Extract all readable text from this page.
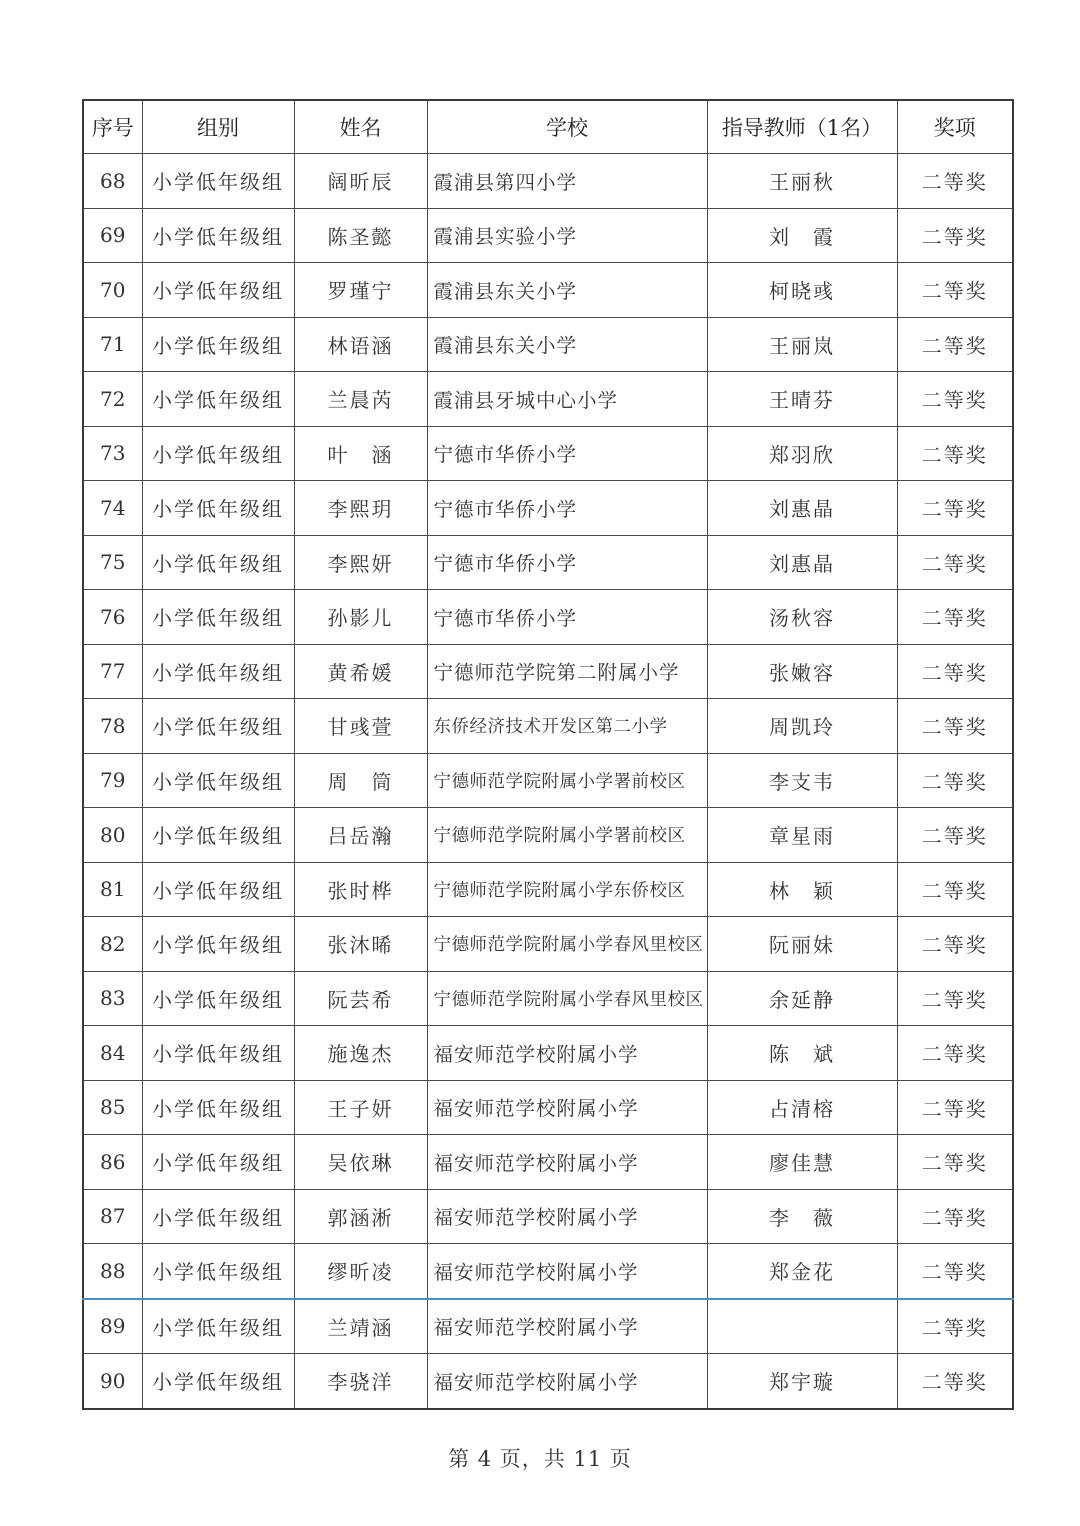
序号	组别	姓名	学校	指导教师（1名）	奖项
68	小学低年级组	阔昕辰	霞浦县第四小学	王丽秋	二等奖
69	小学低年级组	陈圣懿	霞浦县实验小学	刘　霞	二等奖
70	小学低年级组	罗瑾宁	霞浦县东关小学	柯晓彧	二等奖
71	小学低年级组	林语涵	霞浦县东关小学	王丽岚	二等奖
72	小学低年级组	兰晨芮	霞浦县牙城中心小学	王晴芬	二等奖
73	小学低年级组	叶　涵	宁德市华侨小学	郑羽欣	二等奖
74	小学低年级组	李熙玥	宁德市华侨小学	刘惠晶	二等奖
75	小学低年级组	李熙妍	宁德市华侨小学	刘惠晶	二等奖
76	小学低年级组	孙影儿	宁德市华侨小学	汤秋容	二等奖
77	小学低年级组	黄希媛	宁德师范学院第二附属小学	张嫩容	二等奖
78	小学低年级组	甘彧萱	东侨经济技术开发区第二小学	周凯玲	二等奖
79	小学低年级组	周　筒	宁德师范学院附属小学署前校区	李支韦	二等奖
80	小学低年级组	吕岳瀚	宁德师范学院附属小学署前校区	章星雨	二等奖
81	小学低年级组	张时桦	宁德师范学院附属小学东侨校区	林　颖	二等奖
82	小学低年级组	张沐晞	宁德师范学院附属小学春风里校区	阮丽妹	二等奖
83	小学低年级组	阮芸希	宁德师范学院附属小学春风里校区	余延静	二等奖
84	小学低年级组	施逸杰	福安师范学校附属小学	陈　斌	二等奖
85	小学低年级组	王子妍	福安师范学校附属小学	占清榕	二等奖
86	小学低年级组	吴依琳	福安师范学校附属小学	廖佳慧	二等奖
87	小学低年级组	郭涵淅	福安师范学校附属小学	李　薇	二等奖
88	小学低年级组	缪昕凌	福安师范学校附属小学	郑金花	二等奖
89	小学低年级组	兰靖涵	福安师范学校附属小学		二等奖
90	小学低年级组	李骁洋	福安师范学校附属小学	郑宇璇	二等奖
第 4 页，共 11 页
